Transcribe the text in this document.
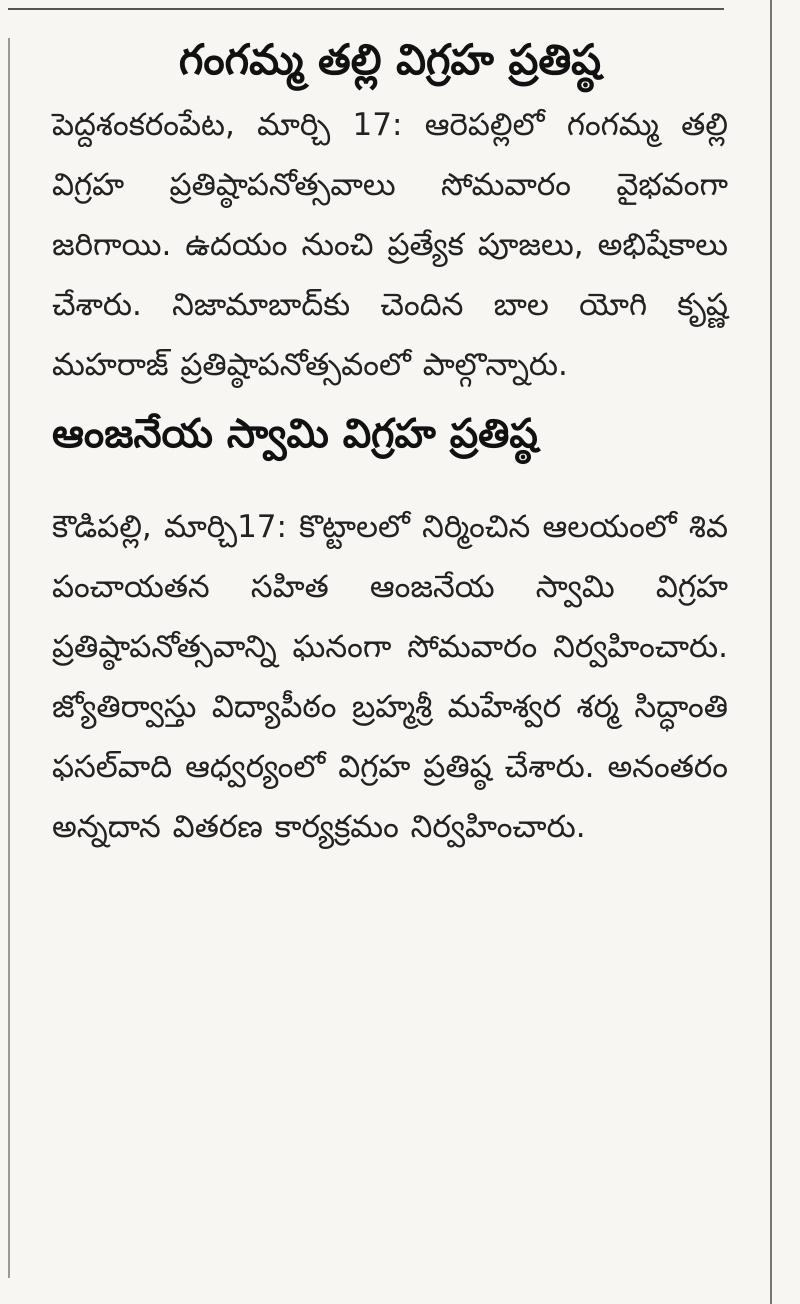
గంగమ్మ తల్లి విగ్రహ ప్రతిష్ఠ

పెద్దశంకరంపేట, మార్చి 17: ఆరెపల్లిలో గంగమ్మ తల్లి విగ్రహ ప్రతిష్ఠాపనోత్సవాలు సోమవారం వైభవంగా జరిగాయి. ఉదయం నుంచి ప్రత్యేక పూజలు, అభిషేకాలు చేశారు. నిజామాబాద్‌కు చెందిన బాల యోగి కృష్ణ మహరాజ్ ప్రతిష్ఠాపనోత్సవంలో పాల్గొన్నారు.

ఆంజనేయ స్వామి విగ్రహ ప్రతిష్ఠ

కౌడిపల్లి, మార్చి17: కొట్టాలలో నిర్మించిన ఆలయంలో శివ పంచాయతన సహిత ఆంజనేయ స్వామి విగ్రహ ప్రతిష్ఠాపనోత్సవాన్ని ఘనంగా సోమవారం నిర్వహించారు. జ్యోతిర్వాస్తు విద్యాపీఠం బ్రహ్మశ్రీ మహేశ్వర శర్మ సిద్ధాంతి ఫసల్‌వాది ఆధ్వర్యంలో విగ్రహ ప్రతిష్ఠ చేశారు. అనంతరం అన్నదాన వితరణ కార్యక్రమం నిర్వహించారు.
